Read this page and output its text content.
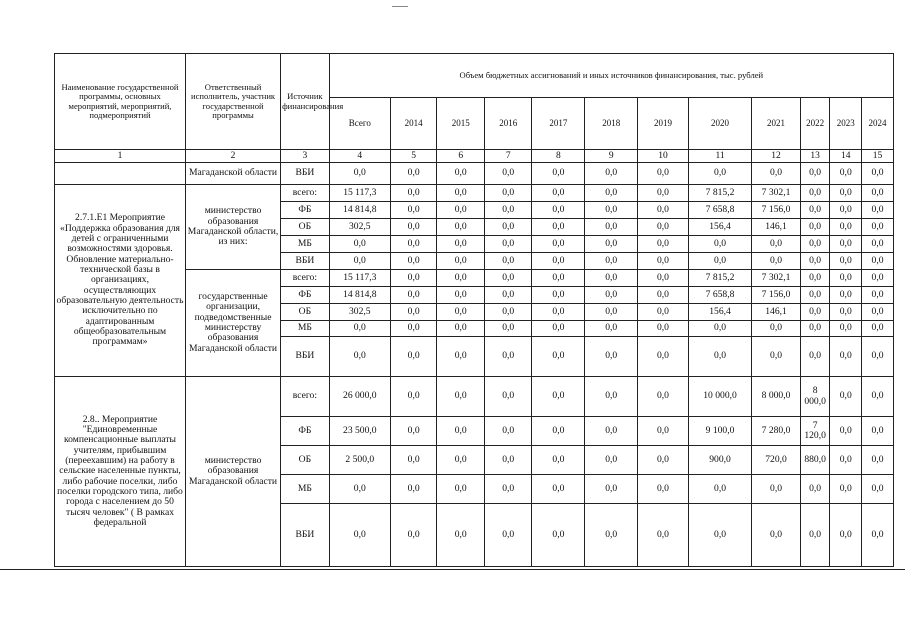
Наименование государственной программы, основных мероприятий, мероприятий, подмероприятий	Ответственный исполнитель, участник государственной программы	Источник финансирования	Объем бюджетных ассигнований и иных источников финансирования, тыс. рублей											
			Всего	2014	2015	2016	2017	2018	2019	2020	2021	2022	2023	2024
1	2	3	4	5	6	7	8	9	10	11	12	13	14	15
	Магаданской области	ВБИ	0,0	0,0	0,0	0,0	0,0	0,0	0,0	0,0	0,0	0,0	0,0	0,0
2.7.1.Е1 Мероприятие «Поддержка образования для детей с ограниченными возможностями здоровья. Обновление материально-технической базы в организациях, осуществляющих образовательную деятельность исключительно по адаптированным общеобразовательным программам»	министерство образования Магаданской области, из них:	всего:	15 117,3	0,0	0,0	0,0	0,0	0,0	0,0	7 815,2	7 302,1	0,0	0,0	0,0
		ФБ	14 814,8	0,0	0,0	0,0	0,0	0,0	0,0	7 658,8	7 156,0	0,0	0,0	0,0
		ОБ	302,5	0,0	0,0	0,0	0,0	0,0	0,0	156,4	146,1	0,0	0,0	0,0
		МБ	0,0	0,0	0,0	0,0	0,0	0,0	0,0	0,0	0,0	0,0	0,0	0,0
		ВБИ	0,0	0,0	0,0	0,0	0,0	0,0	0,0	0,0	0,0	0,0	0,0	0,0
	государственные организации, подведомственные министерству образования Магаданской области	всего:	15 117,3	0,0	0,0	0,0	0,0	0,0	0,0	7 815,2	7 302,1	0,0	0,0	0,0
		ФБ	14 814,8	0,0	0,0	0,0	0,0	0,0	0,0	7 658,8	7 156,0	0,0	0,0	0,0
		ОБ	302,5	0,0	0,0	0,0	0,0	0,0	0,0	156,4	146,1	0,0	0,0	0,0
		МБ	0,0	0,0	0,0	0,0	0,0	0,0	0,0	0,0	0,0	0,0	0,0	0,0
		ВБИ	0,0	0,0	0,0	0,0	0,0	0,0	0,0	0,0	0,0	0,0	0,0	0,0
2.8.. Мероприятие "Единовременные компенсационные выплаты учителям, прибывшим (переехавшим) на работу в сельские населенные пункты, либо рабочие поселки, либо поселки городского типа, либо города с населением до 50 тысяч человек" ( В рамках федеральной	министерство образования Магаданской области	всего:	26 000,0	0,0	0,0	0,0	0,0	0,0	0,0	10 000,0	8 000,0	8 000,0	0,0	0,0
		ФБ	23 500,0	0,0	0,0	0,0	0,0	0,0	0,0	9 100,0	7 280,0	7 120,0	0,0	0,0
		ОБ	2 500,0	0,0	0,0	0,0	0,0	0,0	0,0	900,0	720,0	880,0	0,0	0,0
		МБ	0,0	0,0	0,0	0,0	0,0	0,0	0,0	0,0	0,0	0,0	0,0	0,0
		ВБИ	0,0	0,0	0,0	0,0	0,0	0,0	0,0	0,0	0,0	0,0	0,0	0,0
